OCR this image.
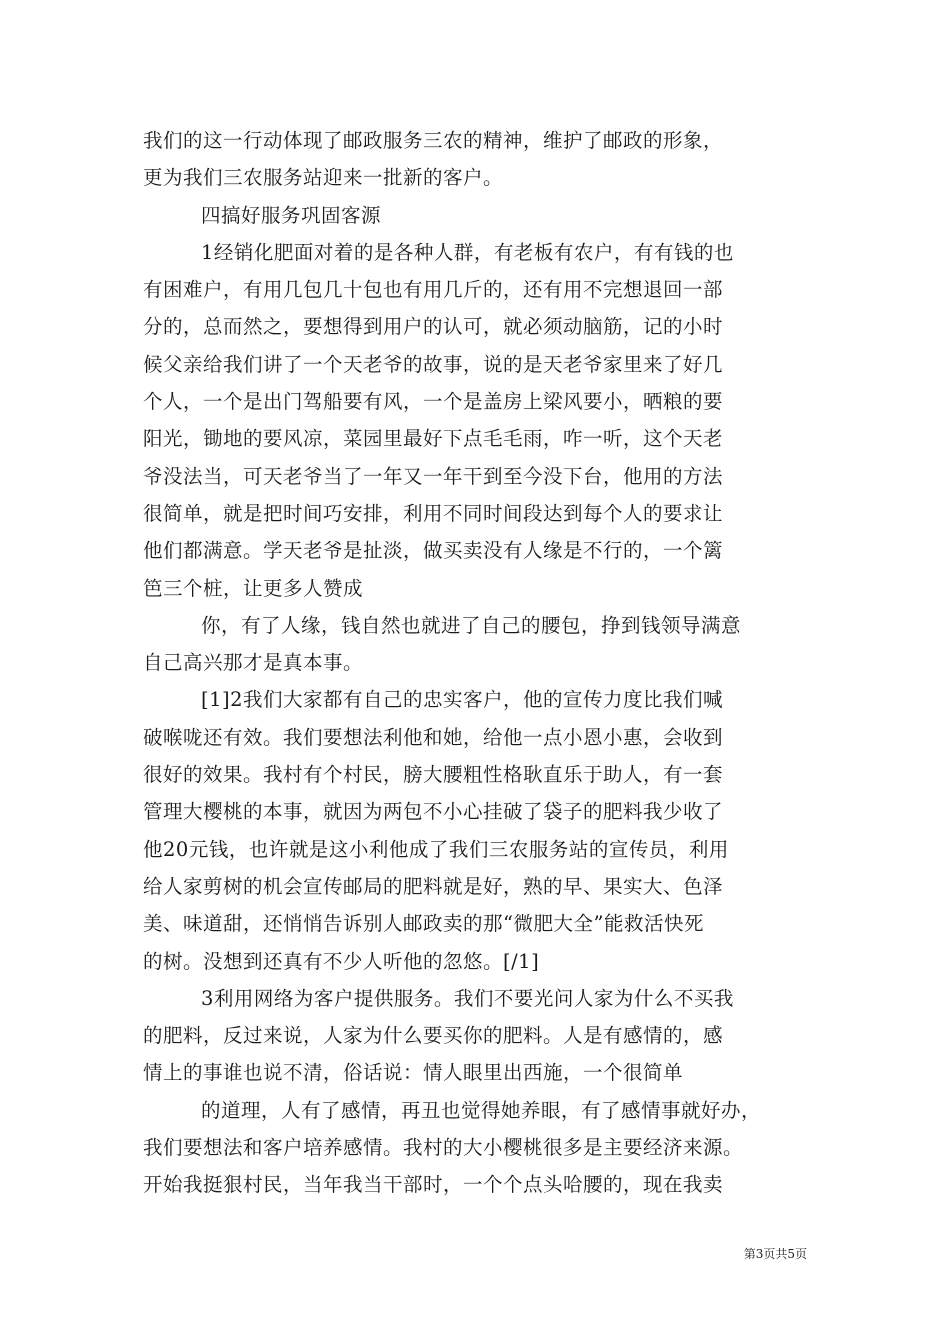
我们的这一行动体现了邮政服务三农的精神，维护了邮政的形象，
更为我们三农服务站迎来一批新的客户。
四搞好服务巩固客源
1经销化肥面对着的是各种人群，有老板有农户，有有钱的也
有困难户，有用几包几十包也有用几斤的，还有用不完想退回一部
分的，总而然之，要想得到用户的认可，就必须动脑筋，记的小时
候父亲给我们讲了一个天老爷的故事，说的是天老爷家里来了好几
个人，一个是出门驾船要有风，一个是盖房上梁风要小，晒粮的要
阳光，锄地的要风凉，菜园里最好下点毛毛雨，咋一听，这个天老
爷没法当，可天老爷当了一年又一年干到至今没下台，他用的方法
很简单，就是把时间巧安排，利用不同时间段达到每个人的要求让
他们都满意。学天老爷是扯淡，做买卖没有人缘是不行的，一个篱
笆三个桩，让更多人赞成
你，有了人缘，钱自然也就进了自己的腰包，挣到钱领导满意
自己高兴那才是真本事。
[1]2我们大家都有自己的忠实客户，他的宣传力度比我们喊
破喉咙还有效。我们要想法利他和她，给他一点小恩小惠，会收到
很好的效果。我村有个村民，膀大腰粗性格耿直乐于助人，有一套
管理大樱桃的本事，就因为两包不小心挂破了袋子的肥料我少收了
他20元钱，也许就是这小利他成了我们三农服务站的宣传员，利用
给人家剪树的机会宣传邮局的肥料就是好，熟的早、果实大、色泽
美、味道甜，还悄悄告诉别人邮政卖的那“微肥大全”能救活快死
的树。没想到还真有不少人听他的忽悠。[/1]
3利用网络为客户提供服务。我们不要光问人家为什么不买我
的肥料，反过来说，人家为什么要买你的肥料。人是有感情的，感
情上的事谁也说不清，俗话说：情人眼里出西施，一个很简单
的道理，人有了感情，再丑也觉得她养眼，有了感情事就好办，
我们要想法和客户培养感情。我村的大小樱桃很多是主要经济来源。
开始我挺狠村民，当年我当干部时，一个个点头哈腰的，现在我卖
第3页共5页
